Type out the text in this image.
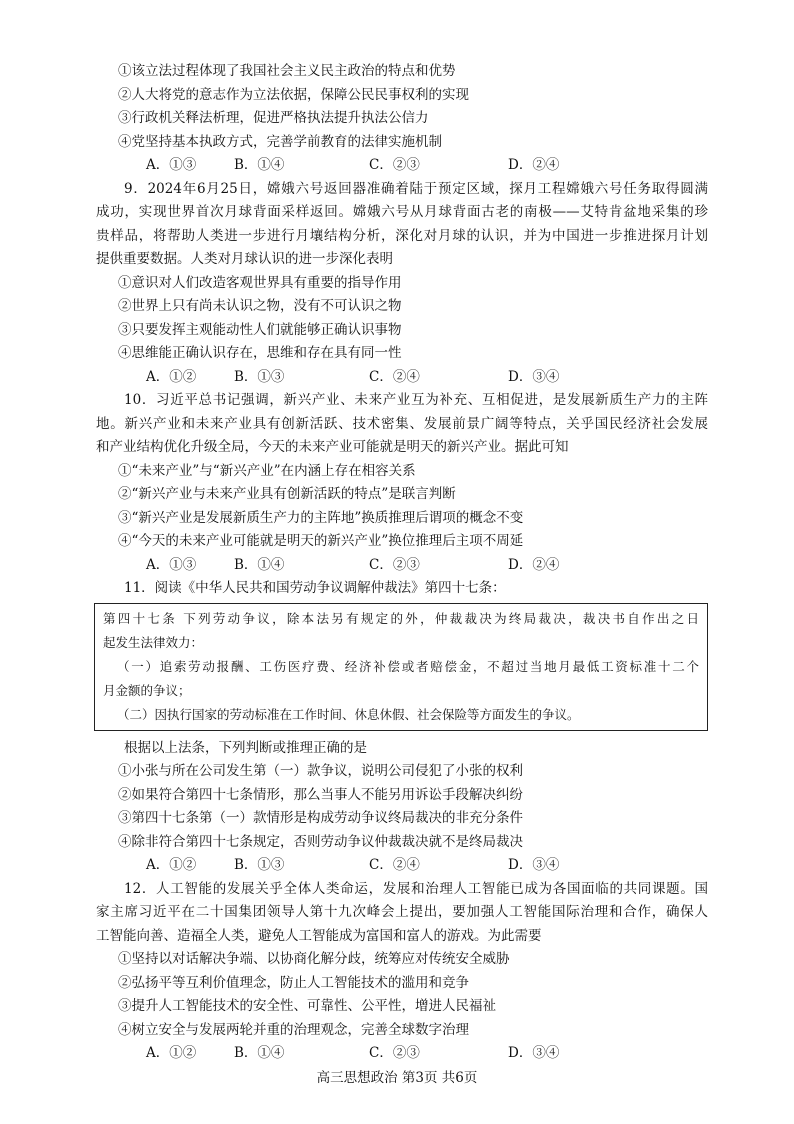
①该立法过程体现了我国社会主义民主政治的特点和优势
②人大将党的意志作为立法依据，保障公民民事权利的实现
③行政机关释法析理，促进严格执法提升执法公信力
④党坚持基本执政方式，完善学前教育的法律实施机制
A．①③	B．①④	C．②③	D．②④
9．2024年6月25日，嫦娥六号返回器准确着陆于预定区域，探月工程嫦娥六号任务取得圆满
成功，实现世界首次月球背面采样返回。嫦娥六号从月球背面古老的南极——艾特肯盆地采集的珍
贵样品，将帮助人类进一步进行月壤结构分析，深化对月球的认识，并为中国进一步推进探月计划
提供重要数据。人类对月球认识的进一步深化表明
①意识对人们改造客观世界具有重要的指导作用
②世界上只有尚未认识之物，没有不可认识之物
③只要发挥主观能动性人们就能够正确认识事物
④思维能正确认识存在，思维和存在具有同一性
A．①②	B．①③	C．②④	D．③④
10．习近平总书记强调，新兴产业、未来产业互为补充、互相促进，是发展新质生产力的主阵
地。新兴产业和未来产业具有创新活跃、技术密集、发展前景广阔等特点，关乎国民经济社会发展
和产业结构优化升级全局，今天的未来产业可能就是明天的新兴产业。据此可知
①“未来产业”与“新兴产业”在内涵上存在相容关系
②“新兴产业与未来产业具有创新活跃的特点”是联言判断
③“新兴产业是发展新质生产力的主阵地”换质推理后谓项的概念不变
④“今天的未来产业可能就是明天的新兴产业”换位推理后主项不周延
A．①③	B．①④	C．②③	D．②④
11．阅读《中华人民共和国劳动争议调解仲裁法》第四十七条：
第四十七条 下列劳动争议，除本法另有规定的外，仲裁裁决为终局裁决，裁决书自作出之日
起发生法律效力：
（一）追索劳动报酬、工伤医疗费、经济补偿或者赔偿金，不超过当地月最低工资标准十二个
月金额的争议；
（二）因执行国家的劳动标准在工作时间、休息休假、社会保险等方面发生的争议。
根据以上法条，下列判断或推理正确的是
①小张与所在公司发生第（一）款争议，说明公司侵犯了小张的权利
②如果符合第四十七条情形，那么当事人不能另用诉讼手段解决纠纷
③第四十七条第（一）款情形是构成劳动争议终局裁决的非充分条件
④除非符合第四十七条规定，否则劳动争议仲裁裁决就不是终局裁决
A．①②	B．①③	C．②④	D．③④
12．人工智能的发展关乎全体人类命运，发展和治理人工智能已成为各国面临的共同课题。国
家主席习近平在二十国集团领导人第十九次峰会上提出，要加强人工智能国际治理和合作，确保人
工智能向善、造福全人类，避免人工智能成为富国和富人的游戏。为此需要
①坚持以对话解决争端、以协商化解分歧，统筹应对传统安全威胁
②弘扬平等互利价值理念，防止人工智能技术的滥用和竞争
③提升人工智能技术的安全性、可靠性、公平性，增进人民福祉
④树立安全与发展两轮并重的治理观念，完善全球数字治理
A．①②	B．①④	C．②③	D．③④
高三思想政治 第3页 共6页
